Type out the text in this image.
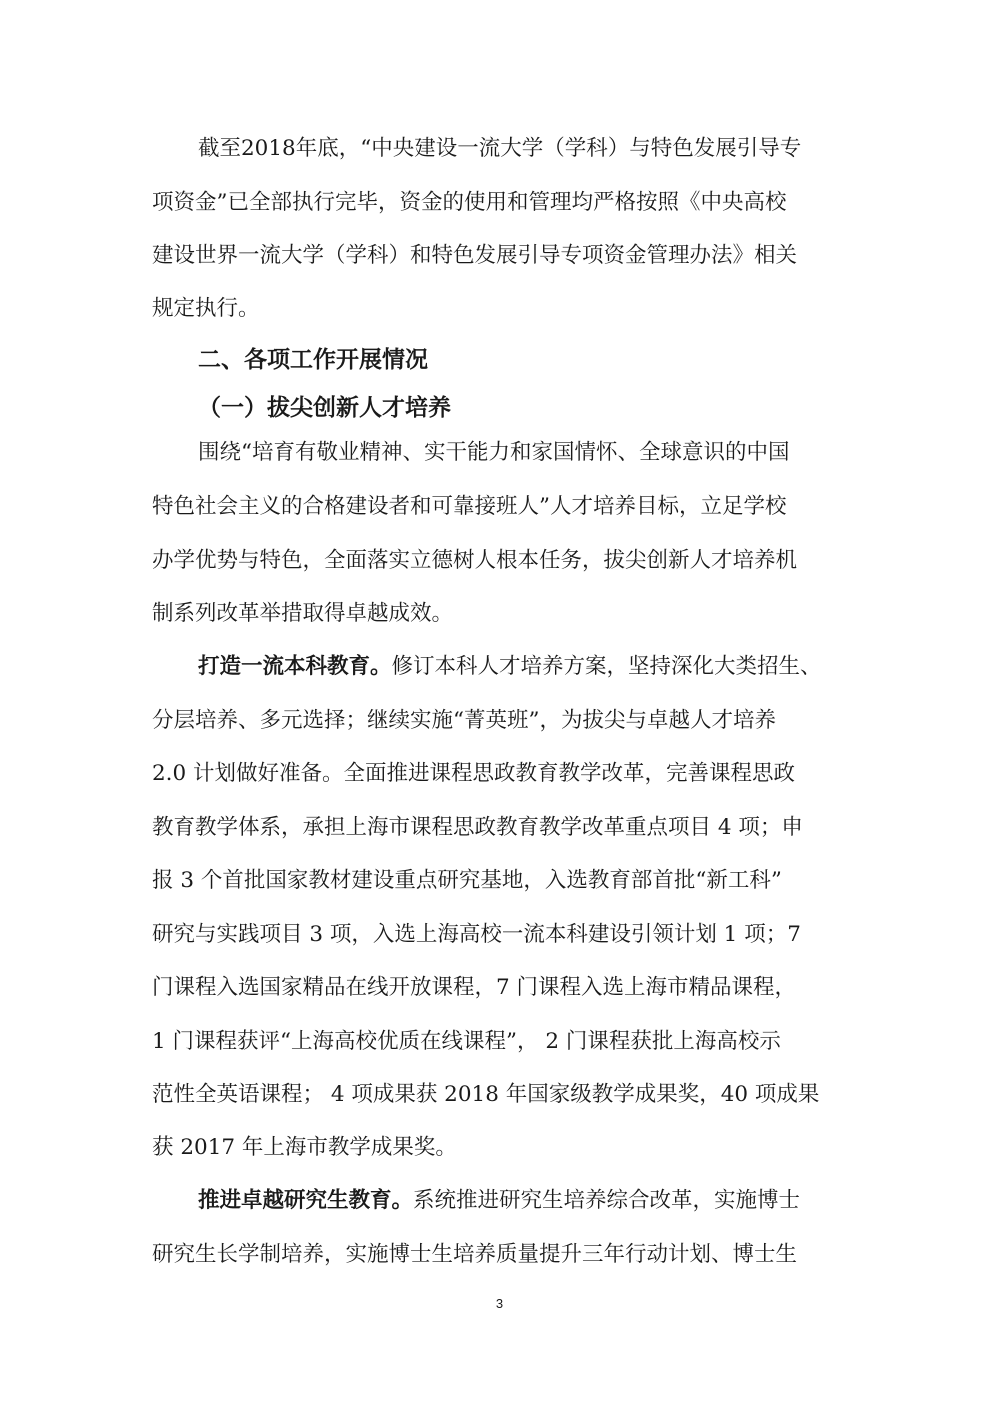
截至2018年底，“中央建设一流大学（学科）与特色发展引导专
项资金”已全部执行完毕，资金的使用和管理均严格按照《中央高校
建设世界一流大学（学科）和特色发展引导专项资金管理办法》相关
规定执行。
二、各项工作开展情况
（一）拔尖创新人才培养
围绕“培育有敬业精神、实干能力和家国情怀、全球意识的中国
特色社会主义的合格建设者和可靠接班人”人才培养目标，立足学校
办学优势与特色，全面落实立德树人根本任务，拔尖创新人才培养机
制系列改革举措取得卓越成效。
打造一流本科教育。修订本科人才培养方案，坚持深化大类招生、
分层培养、多元选择；继续实施“菁英班”，为拔尖与卓越人才培养
2.0 计划做好准备。全面推进课程思政教育教学改革，完善课程思政
教育教学体系，承担上海市课程思政教育教学改革重点项目 4 项；申
报 3 个首批国家教材建设重点研究基地，入选教育部首批“新工科”
研究与实践项目 3 项，入选上海高校一流本科建设引领计划 1 项；7
门课程入选国家精品在线开放课程，7 门课程入选上海市精品课程，
1 门课程获评“上海高校优质在线课程”， 2 门课程获批上海高校示
范性全英语课程； 4 项成果获 2018 年国家级教学成果奖，40 项成果
获 2017 年上海市教学成果奖。
推进卓越研究生教育。系统推进研究生培养综合改革，实施博士
研究生长学制培养，实施博士生培养质量提升三年行动计划、博士生
3
